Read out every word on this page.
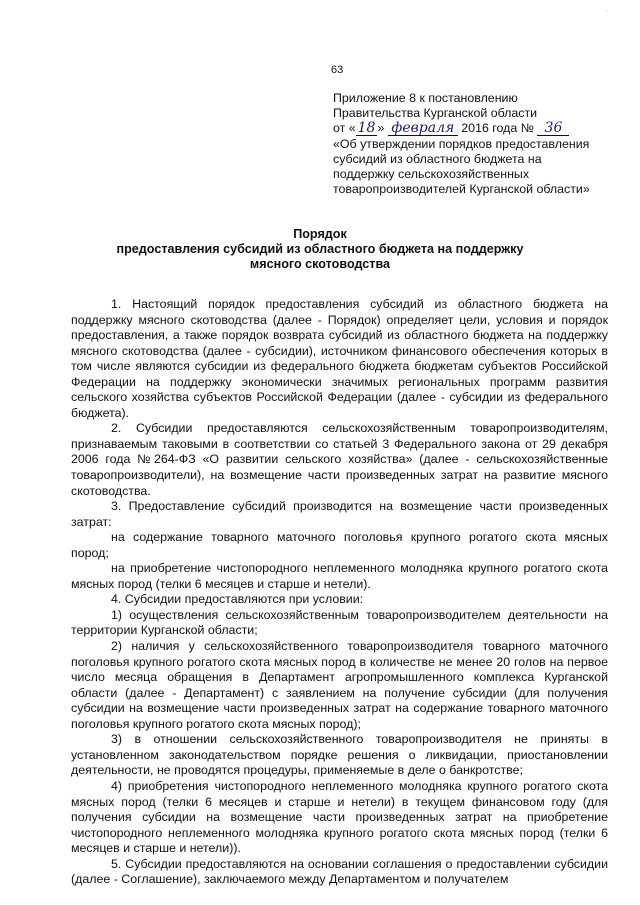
.
63
Приложение 8 к постановлению
Правительства Курганской области
от « 18 » февраля 2016 года № 36
«Об утверждении порядков предоставления
субсидий из областного бюджета на
поддержку сельскохозяйственных
товаропроизводителей Курганской области»
Порядок
предоставления субсидий из областного бюджета на поддержку
мясного скотоводства

1. Настоящий порядок предоставления субсидий из областного бюджета на поддержку мясного скотоводства (далее - Порядок) определяет цели, условия и порядок предоставления, а также порядок возврата субсидий из областного бюджета на поддержку мясного скотоводства (далее - субсидии), источником финансового обеспечения которых в том числе являются субсидии из федерального бюджета бюджетам субъектов Российской Федерации на поддержку экономически значимых региональных программ развития сельского хозяйства субъектов Российской Федерации (далее - субсидии из федерального бюджета).

2. Субсидии предоставляются сельскохозяйственным товаропроизводителям, признаваемым таковыми в соответствии со статьей 3 Федерального закона от 29 декабря 2006 года №264-ФЗ «О развитии сельского хозяйства» (далее - сельскохозяйственные товаропроизводители), на возмещение части произведенных затрат на развитие мясного скотоводства.

3. Предоставление субсидий производится на возмещение части произведенных затрат:

на содержание товарного маточного поголовья крупного рогатого скота мясных пород;

на приобретение чистопородного неплеменного молодняка крупного рогатого скота мясных пород (телки 6 месяцев и старше и нетели).

4. Субсидии предоставляются при условии:

1) осуществления сельскохозяйственным товаропроизводителем деятельности на территории Курганской области;

2) наличия у сельскохозяйственного товаропроизводителя товарного маточного поголовья крупного рогатого скота мясных пород в количестве не менее 20 голов на первое число месяца обращения в Департамент агропромышленного комплекса Курганской области (далее - Департамент) с заявлением на получение субсидии (для получения субсидии на возмещение части произведенных затрат на содержание товарного маточного поголовья крупного рогатого скота мясных пород);

3) в отношении сельскохозяйственного товаропроизводителя не приняты в установленном законодательством порядке решения о ликвидации, приостановлении деятельности, не проводятся процедуры, применяемые в деле о банкротстве;

4) приобретения чистопородного неплеменного молодняка крупного рогатого скота мясных пород (телки 6 месяцев и старше и нетели) в текущем финансовом году (для получения субсидии на возмещение части произведенных затрат на приобретение чистопородного неплеменного молодняка крупного рогатого скота мясных пород (телки 6 месяцев и старше и нетели)).

5. Субсидии предоставляются на основании соглашения о предоставлении субсидии (далее - Соглашение), заключаемого между Департаментом и получателем
